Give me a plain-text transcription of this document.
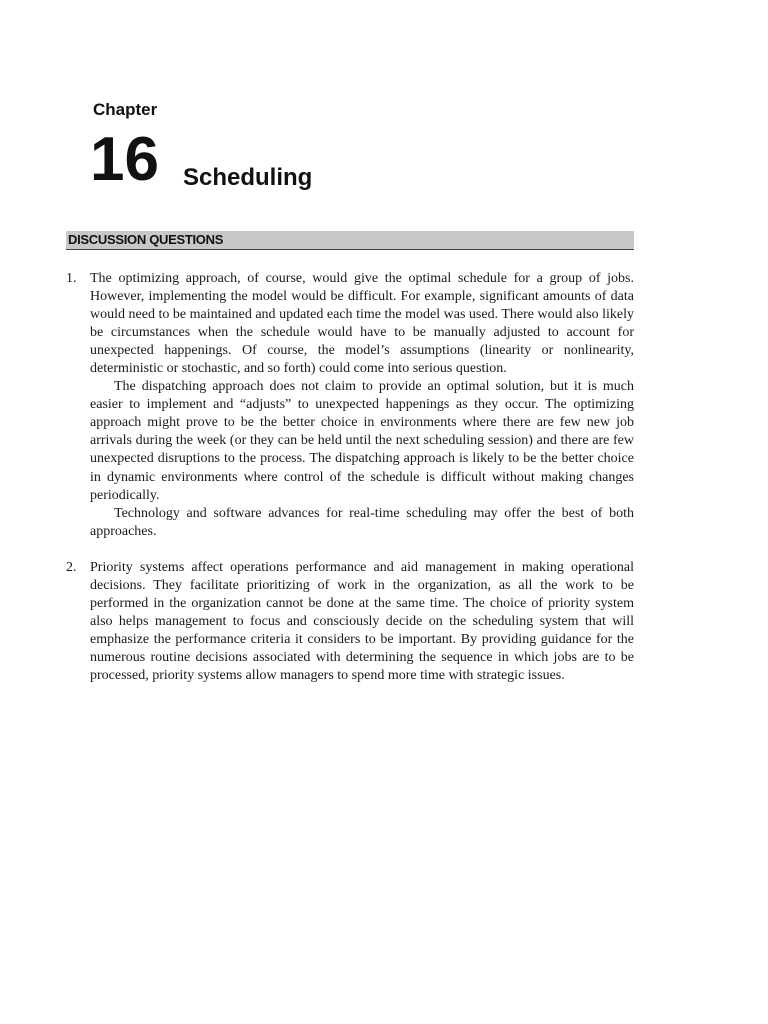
Chapter
16 Scheduling
DISCUSSION QUESTIONS
1. The optimizing approach, of course, would give the optimal schedule for a group of jobs. However, implementing the model would be difficult. For example, significant amounts of data would need to be maintained and updated each time the model was used. There would also likely be circumstances when the schedule would have to be manually adjusted to account for unexpected happenings. Of course, the model’s assumptions (linearity or nonlinearity, deterministic or stochastic, and so forth) could come into serious question.

The dispatching approach does not claim to provide an optimal solution, but it is much easier to implement and “adjusts” to unexpected happenings as they occur. The optimizing approach might prove to be the better choice in environments where there are few new job arrivals during the week (or they can be held until the next scheduling session) and there are few unexpected disruptions to the process. The dispatching approach is likely to be the better choice in dynamic environments where control of the schedule is difficult without making changes periodically.

Technology and software advances for real-time scheduling may offer the best of both approaches.

2. Priority systems affect operations performance and aid management in making operational decisions. They facilitate prioritizing of work in the organization, as all the work to be performed in the organization cannot be done at the same time. The choice of priority system also helps management to focus and consciously decide on the scheduling system that will emphasize the performance criteria it considers to be important. By providing guidance for the numerous routine decisions associated with determining the sequence in which jobs are to be processed, priority systems allow managers to spend more time with strategic issues.
